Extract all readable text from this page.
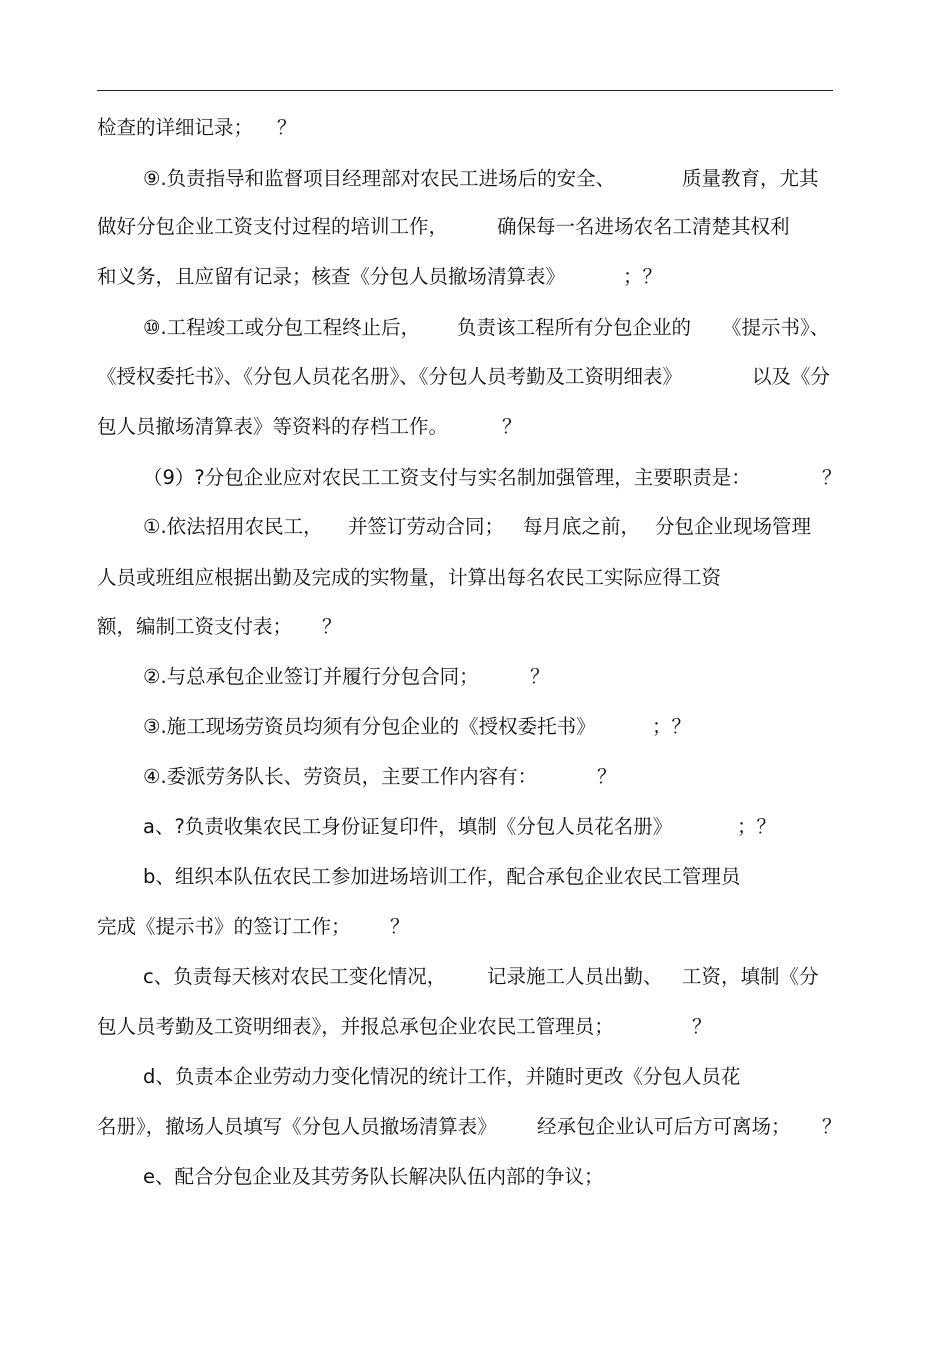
检查的详细记录； ？
⑨.负责指导和监督项目经理部对农民工进场后的安全、	质量教育，尤其
做好分包企业工资支付过程的培训工作，	确保每一名进场农名工清楚其权利
和义务，且应留有记录；核查《分包人员撤场清算表》	；？
⑩.工程竣工或分包工程终止后， 负责该工程所有分包企业的 《提示书》、
《授权委托书》、《分包人员花名册》、《分包人员考勤及工资明细表》	以及《分
包人员撤场清算表》等资料的存档工作。	？
（9）?分包企业应对农民工工资支付与实名制加强管理，主要职责是：	？
①.依法招用农民工， 并签订劳动合同； 每月底之前， 分包企业现场管理
人员或班组应根据出勤及完成的实物量，计算出每名农民工实际应得工资
额，编制工资支付表； ？
②.与总承包企业签订并履行分包合同；	？
③.施工现场劳资员均须有分包企业的《授权委托书》	；？
④.委派劳务队长、劳资员，主要工作内容有：	？
a、?负责收集农民工身份证复印件，填制《分包人员花名册》	；？
b、组织本队伍农民工参加进场培训工作，配合承包企业农民工管理员
完成《提示书》的签订工作； ？
c、负责每天核对农民工变化情况， 记录施工人员出勤、 工资，填制《分
包人员考勤及工资明细表》，并报总承包企业农民工管理员；	？
d、负责本企业劳动力变化情况的统计工作，并随时更改《分包人员花
名册》，撤场人员填写《分包人员撤场清算表》 经承包企业认可后方可离场； ？
e、配合分包企业及其劳务队长解决队伍内部的争议；
